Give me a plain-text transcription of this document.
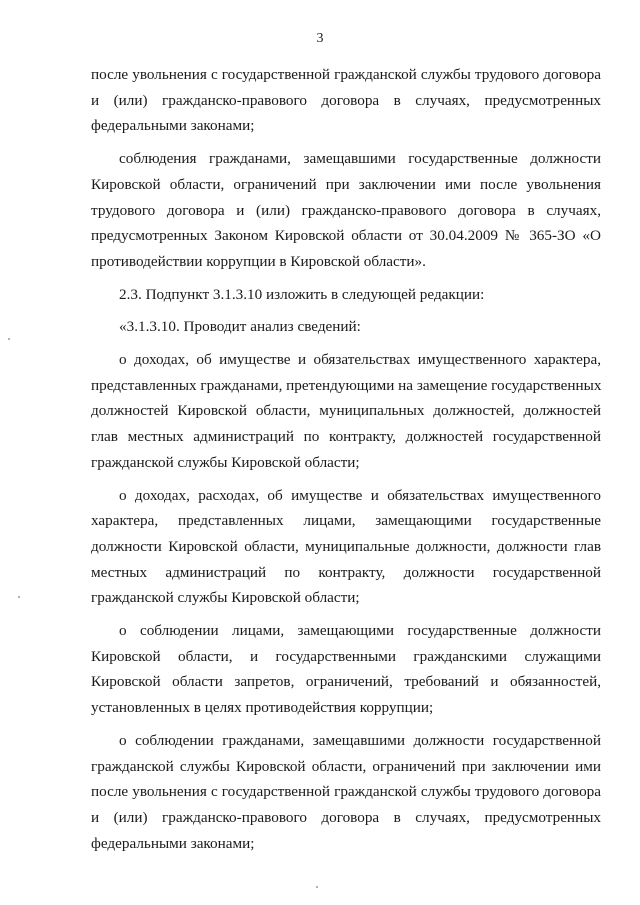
3

после увольнения с государственной гражданской службы трудового договора
и (или) гражданско-правового договора в случаях, предусмотренных
федеральными законами;

соблюдения гражданами, замещавшими государственные должности
Кировской области, ограничений при заключении ими после увольнения
трудового договора и (или) гражданско-правового договора в случаях,
предусмотренных Законом Кировской области от 30.04.2009 № 365-ЗО «О
противодействии коррупции в Кировской области».

2.3. Подпункт 3.1.3.10 изложить в следующей редакции:

«3.1.3.10. Проводит анализ сведений:

о доходах, об имуществе и обязательствах имущественного характера,
представленных гражданами, претендующими на замещение государственных
должностей Кировской области, муниципальных должностей, должностей
глав местных администраций по контракту, должностей государственной
гражданской службы Кировской области;

о доходах, расходах, об имуществе и обязательствах имущественного
характера, представленных лицами, замещающими государственные
должности Кировской области, муниципальные должности, должности глав
местных администраций по контракту, должности государственной
гражданской службы Кировской области;

о соблюдении лицами, замещающими государственные должности
Кировской области, и государственными гражданскими служащими
Кировской области запретов, ограничений, требований и обязанностей,
установленных в целях противодействия коррупции;

о соблюдении гражданами, замещавшими должности государственной
гражданской службы Кировской области, ограничений при заключении ими
после увольнения с государственной гражданской службы трудового договора
и (или) гражданско-правового договора в случаях, предусмотренных
федеральными законами;
